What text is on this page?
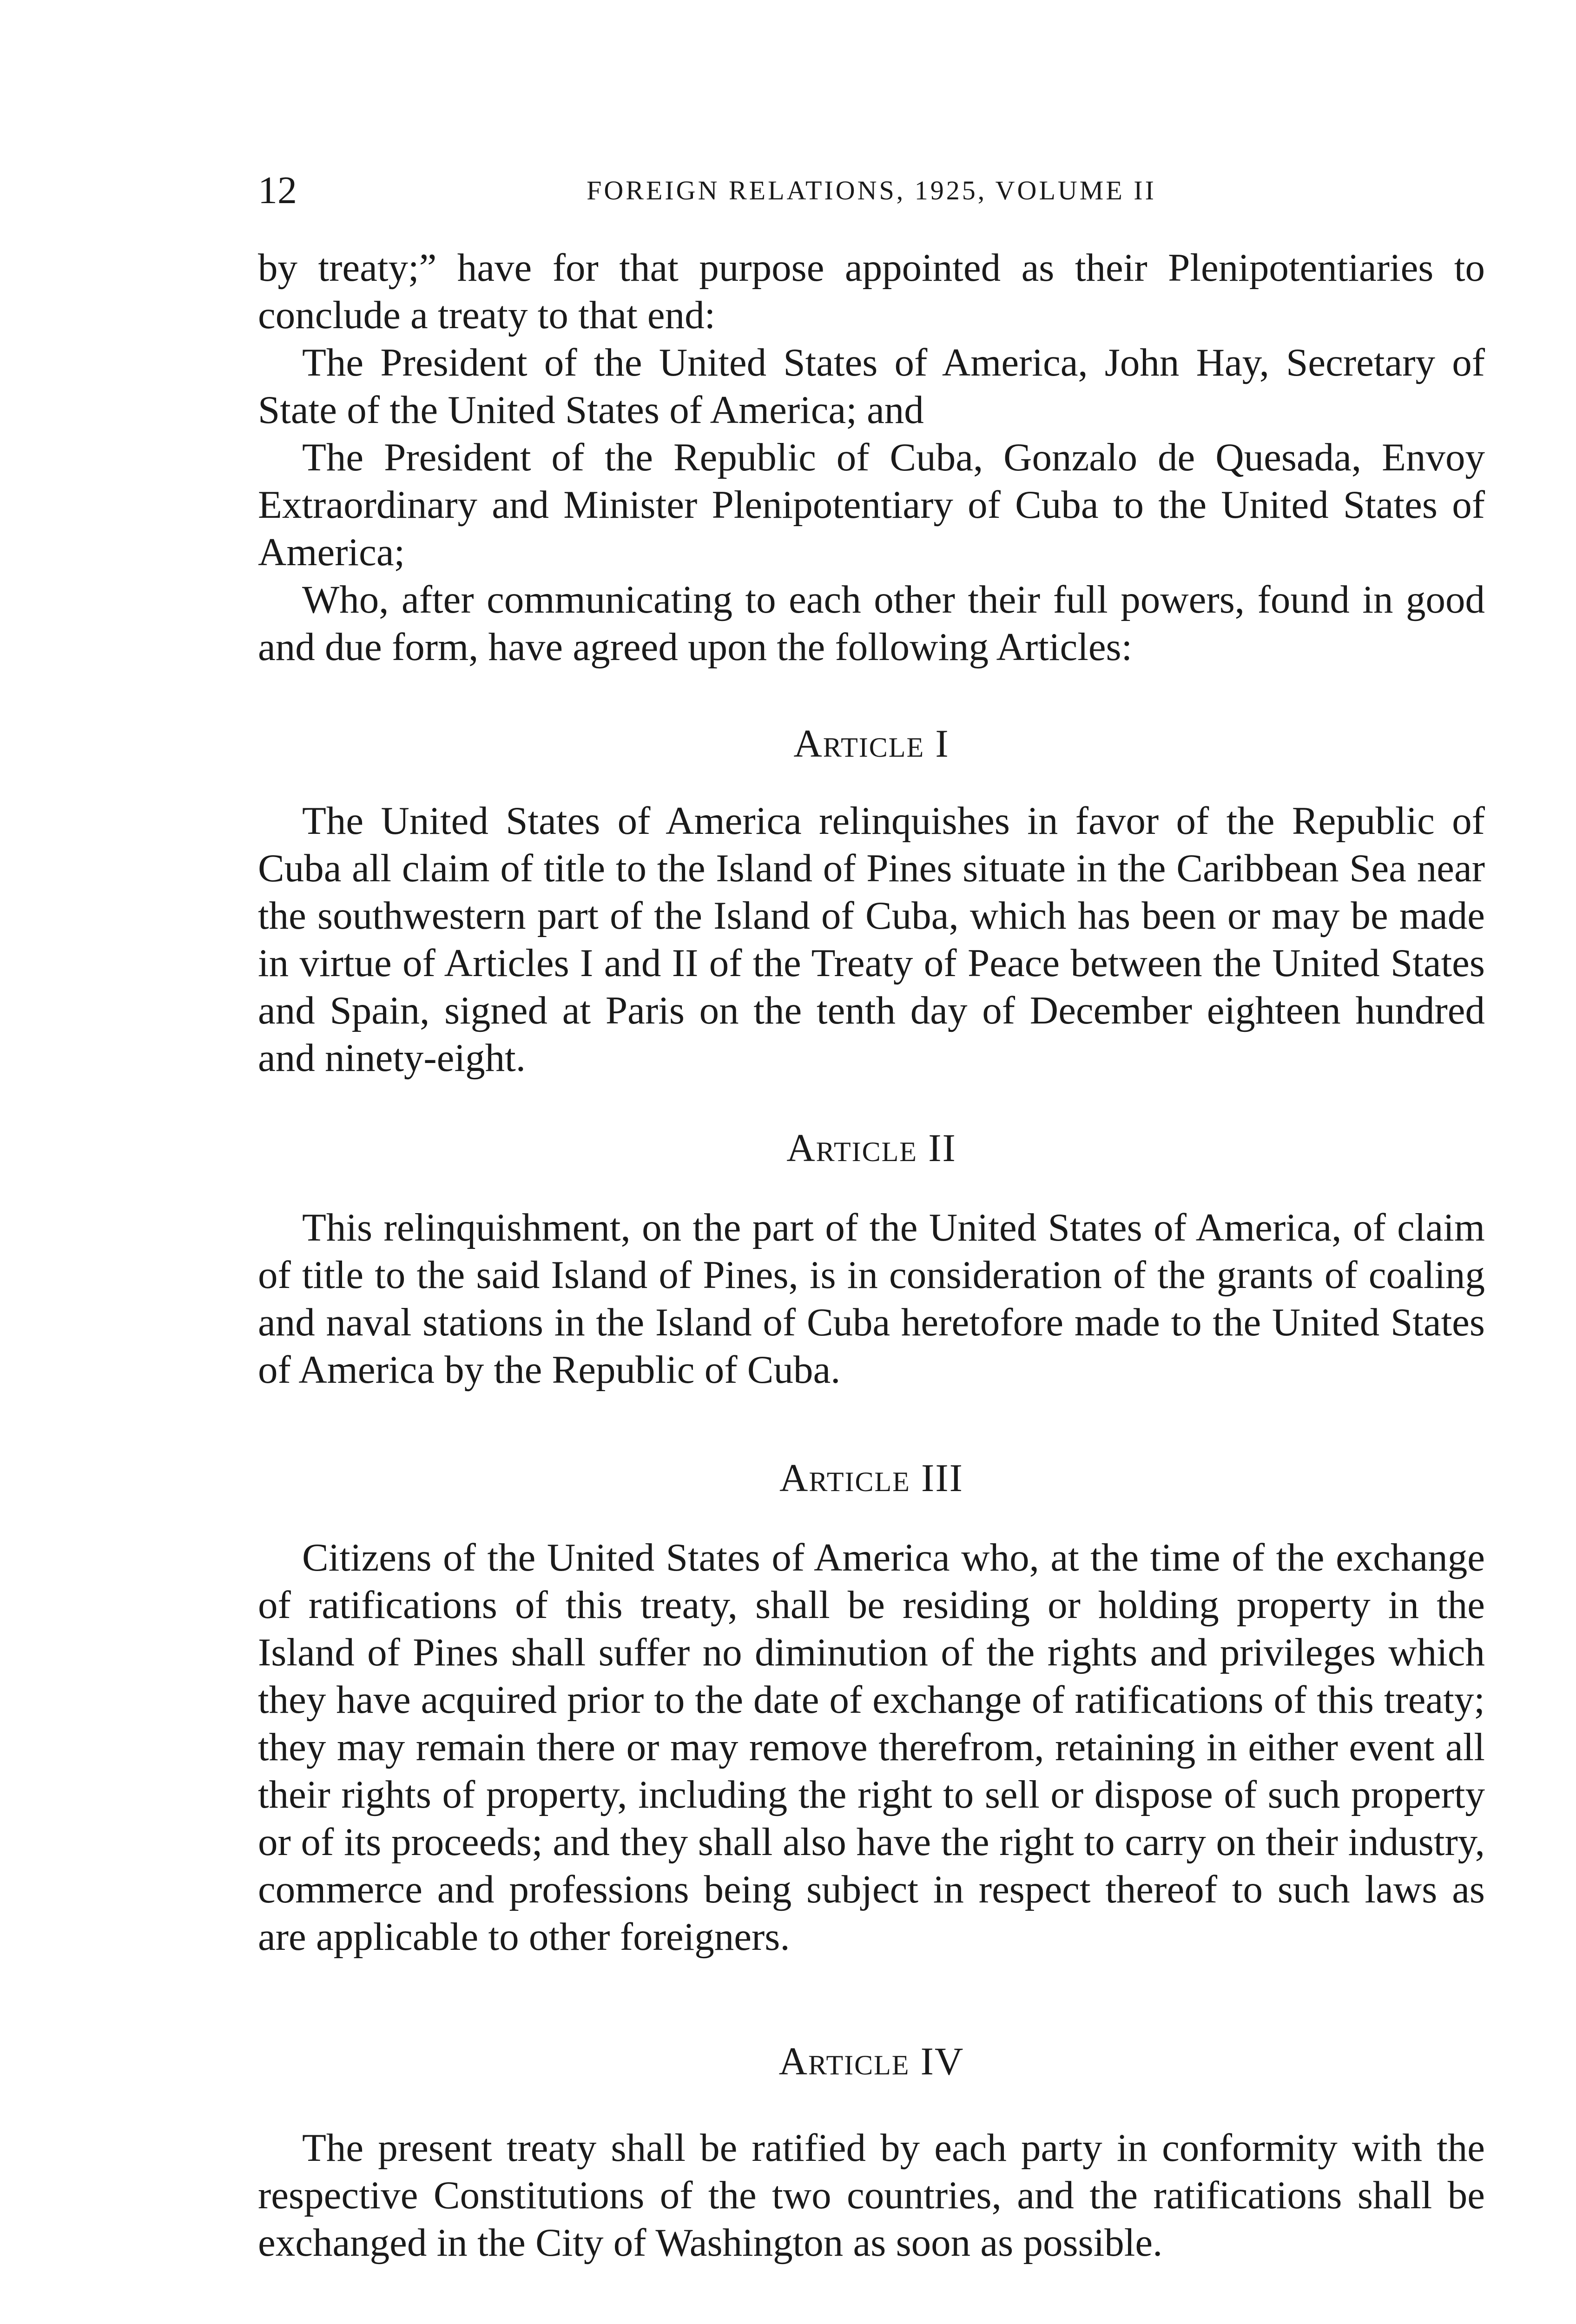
12	FOREIGN RELATIONS, 1925, VOLUME II

by treaty;” have for that purpose appointed as their Plenipotentiaries to conclude a treaty to that end:

The President of the United States of America, John Hay, Secretary of State of the United States of America; and

The President of the Republic of Cuba, Gonzalo de Quesada, Envoy Extraordinary and Minister Plenipotentiary of Cuba to the United States of America;

Who, after communicating to each other their full powers, found in good and due form, have agreed upon the following Articles:

Article I

The United States of America relinquishes in favor of the Republic of Cuba all claim of title to the Island of Pines situate in the Caribbean Sea near the southwestern part of the Island of Cuba, which has been or may be made in virtue of Articles I and II of the Treaty of Peace between the United States and Spain, signed at Paris on the tenth day of December eighteen hundred and ninety-eight.

Article II

This relinquishment, on the part of the United States of America, of claim of title to the said Island of Pines, is in consideration of the grants of coaling and naval stations in the Island of Cuba heretofore made to the United States of America by the Republic of Cuba.

Article III

Citizens of the United States of America who, at the time of the exchange of ratifications of this treaty, shall be residing or holding property in the Island of Pines shall suffer no diminution of the rights and privileges which they have acquired prior to the date of exchange of ratifications of this treaty; they may remain there or may remove therefrom, retaining in either event all their rights of property, including the right to sell or dispose of such property or of its proceeds; and they shall also have the right to carry on their industry, commerce and professions being subject in respect thereof to such laws as are applicable to other foreigners.

Article IV

The present treaty shall be ratified by each party in conformity with the respective Constitutions of the two countries, and the ratifications shall be exchanged in the City of Washington as soon as possible.
